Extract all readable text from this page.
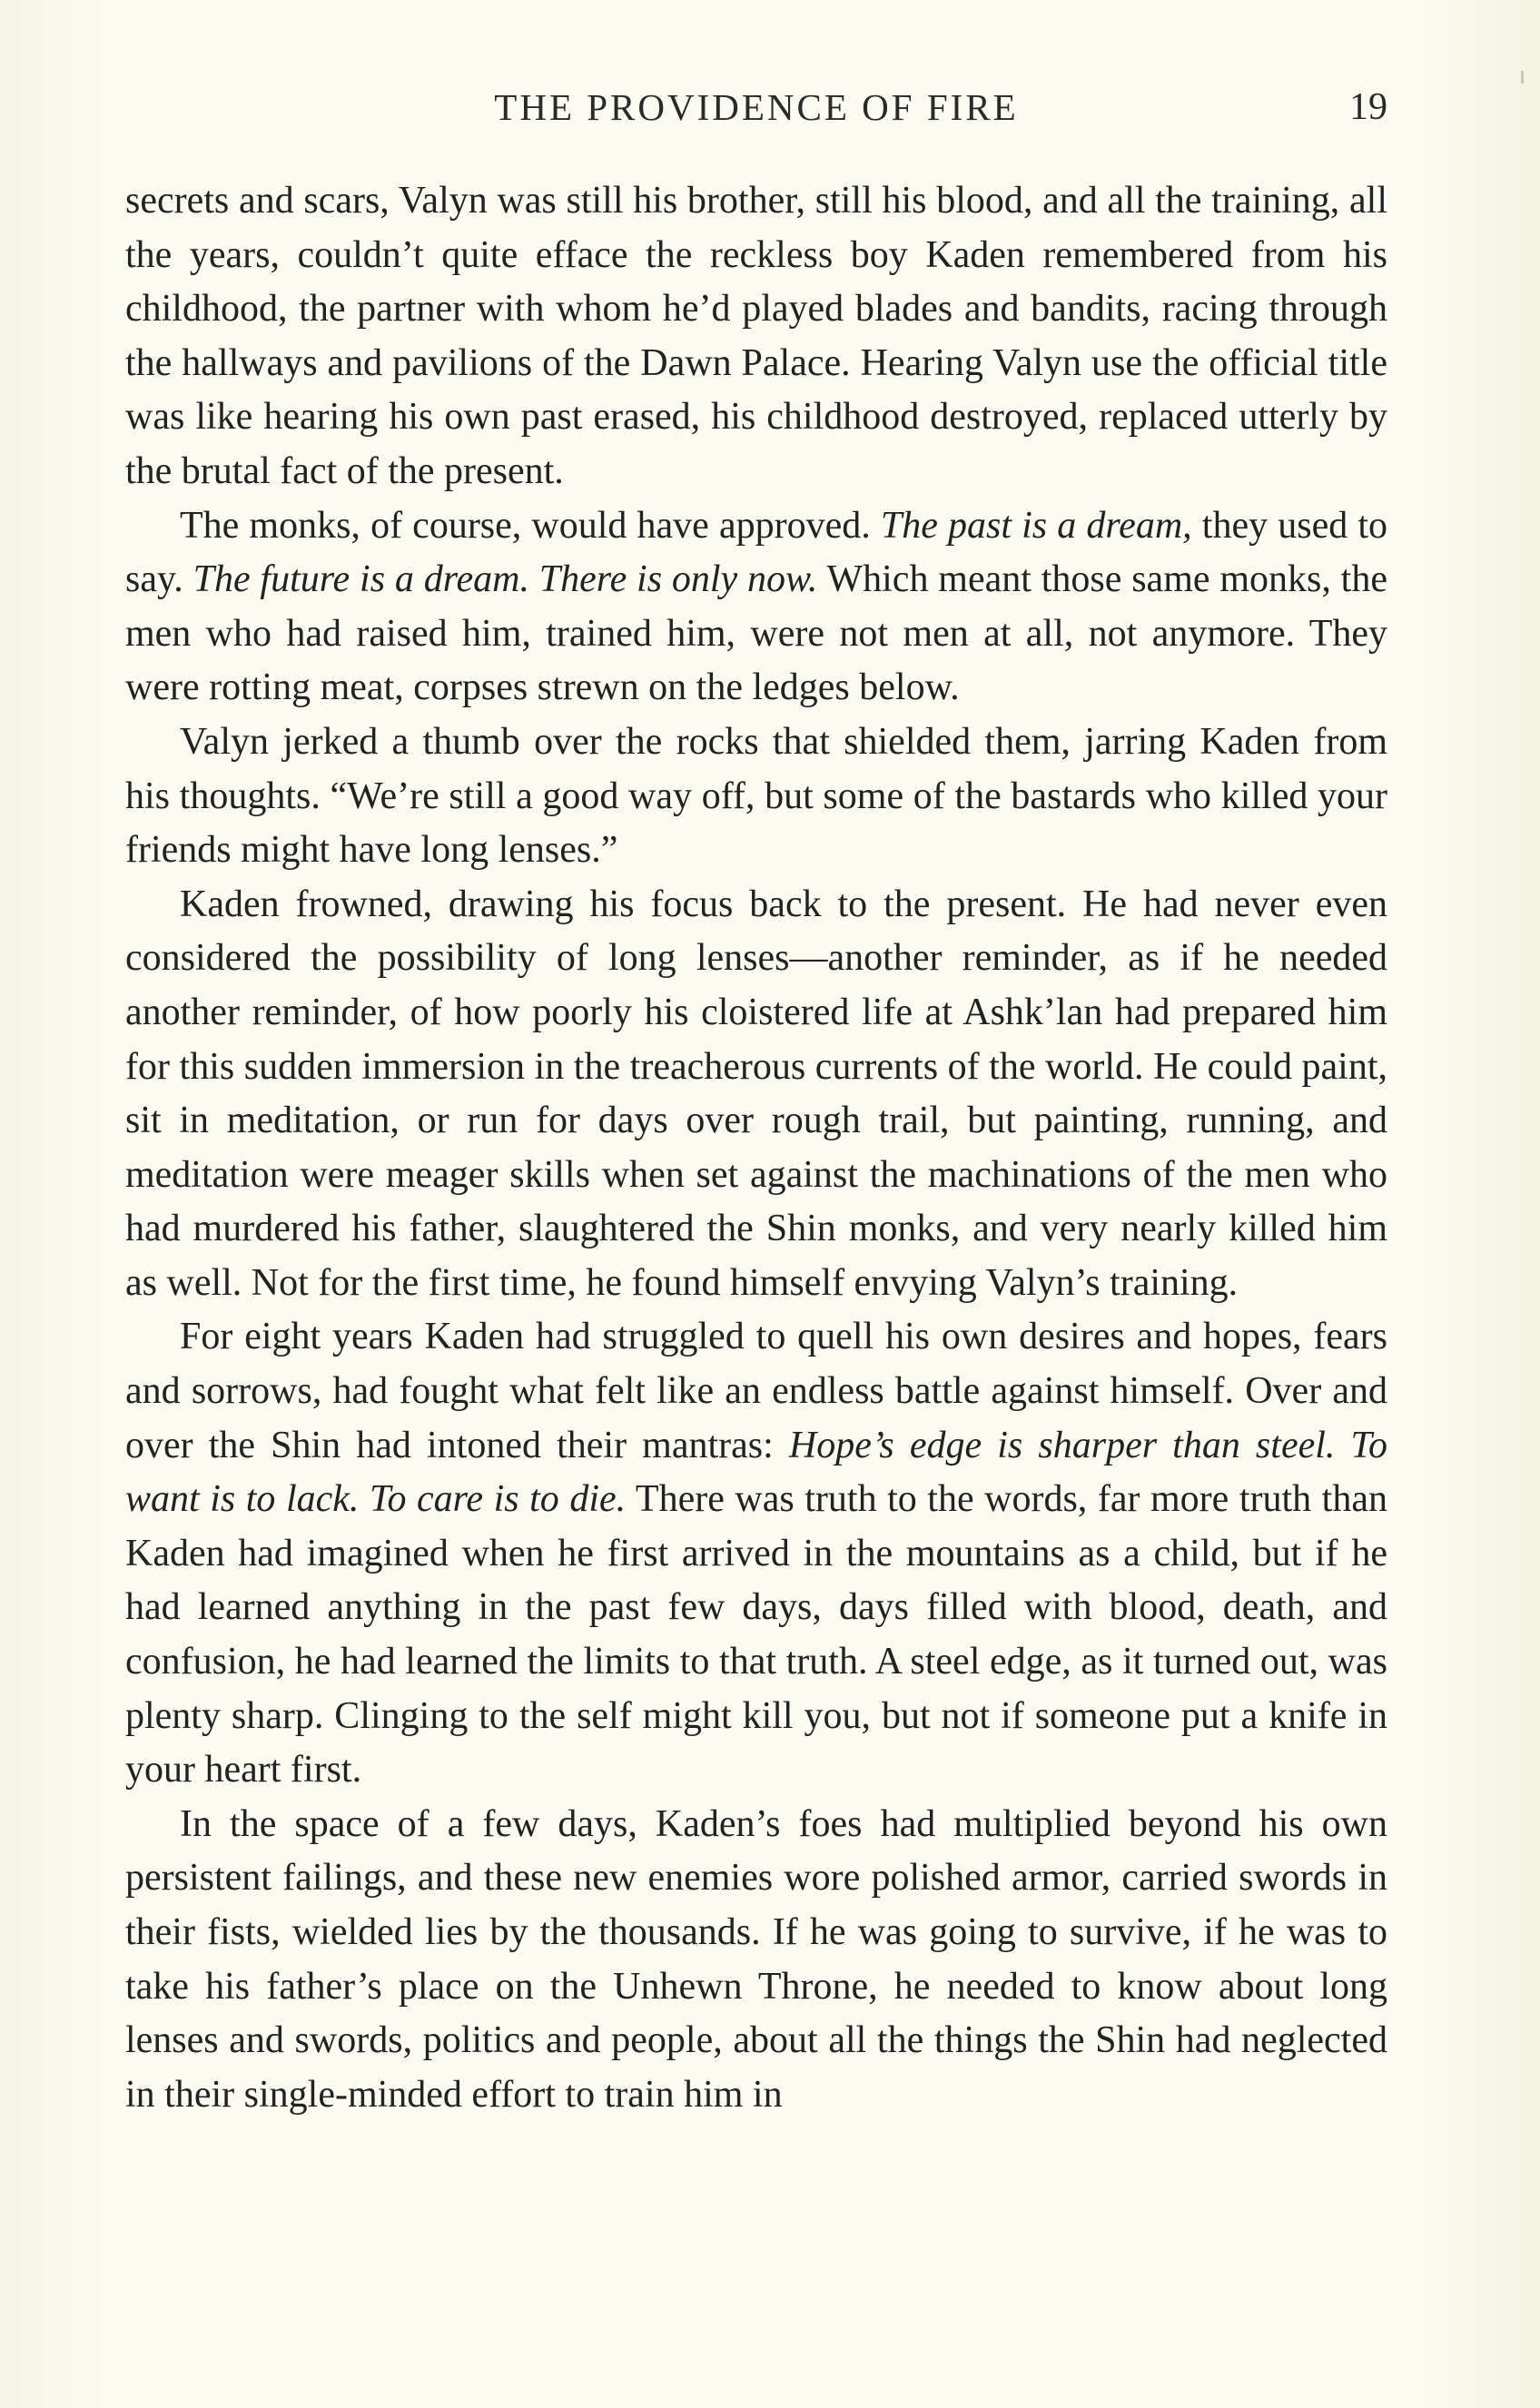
THE PROVIDENCE OF FIRE	19

secrets and scars, Valyn was still his brother, still his blood, and all the training, all the years, couldn’t quite efface the reckless boy Kaden remembered from his childhood, the partner with whom he’d played blades and bandits, racing through the hallways and pavilions of the Dawn Palace. Hearing Valyn use the official title was like hearing his own past erased, his childhood destroyed, replaced utterly by the brutal fact of the present.

The monks, of course, would have approved. The past is a dream, they used to say. The future is a dream. There is only now. Which meant those same monks, the men who had raised him, trained him, were not men at all, not anymore. They were rotting meat, corpses strewn on the ledges below.

Valyn jerked a thumb over the rocks that shielded them, jarring Kaden from his thoughts. “We’re still a good way off, but some of the bastards who killed your friends might have long lenses.”

Kaden frowned, drawing his focus back to the present. He had never even considered the possibility of long lenses—another reminder, as if he needed another reminder, of how poorly his cloistered life at Ashk’lan had prepared him for this sudden immersion in the treacherous currents of the world. He could paint, sit in meditation, or run for days over rough trail, but painting, running, and meditation were meager skills when set against the machinations of the men who had murdered his father, slaughtered the Shin monks, and very nearly killed him as well. Not for the first time, he found himself envying Valyn’s training.

For eight years Kaden had struggled to quell his own desires and hopes, fears and sorrows, had fought what felt like an endless battle against himself. Over and over the Shin had intoned their mantras: Hope’s edge is sharper than steel. To want is to lack. To care is to die. There was truth to the words, far more truth than Kaden had imagined when he first arrived in the mountains as a child, but if he had learned anything in the past few days, days filled with blood, death, and confusion, he had learned the limits to that truth. A steel edge, as it turned out, was plenty sharp. Clinging to the self might kill you, but not if someone put a knife in your heart first.

In the space of a few days, Kaden’s foes had multiplied beyond his own persistent failings, and these new enemies wore polished armor, carried swords in their fists, wielded lies by the thousands. If he was going to survive, if he was to take his father’s place on the Unhewn Throne, he needed to know about long lenses and swords, politics and people, about all the things the Shin had neglected in their single-minded effort to train him in
